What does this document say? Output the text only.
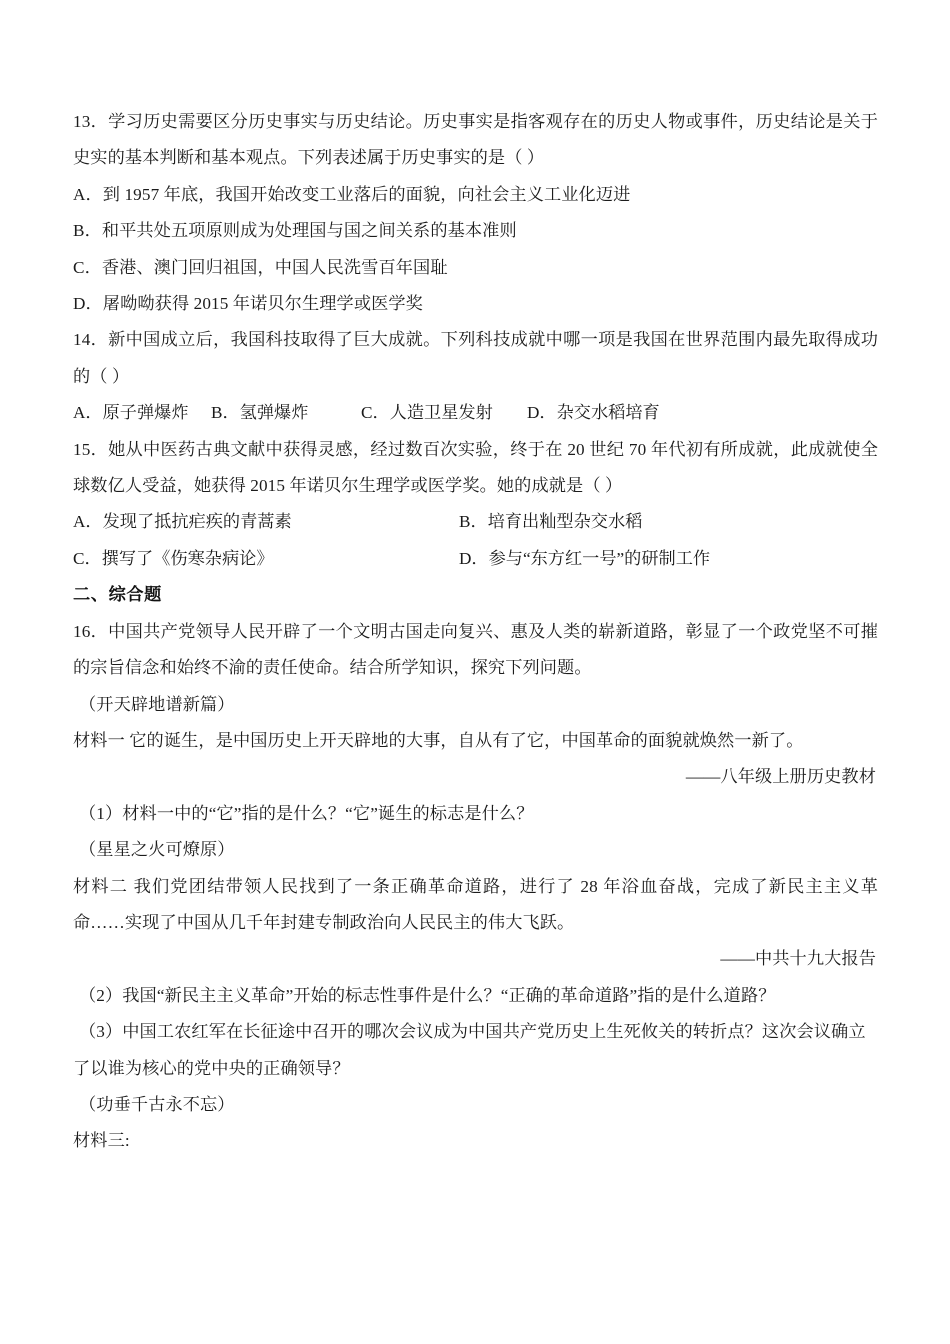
13．学习历史需要区分历史事实与历史结论。历史事实是指客观存在的历史人物或事件，历史结论是关于
史实的基本判断和基本观点。下列表述属于历史事实的是（ ）
A．到 1957 年底，我国开始改变工业落后的面貌，向社会主义工业化迈进
B．和平共处五项原则成为处理国与国之间关系的基本准则
C．香港、澳门回归祖国，中国人民洗雪百年国耻
D．屠呦呦获得 2015 年诺贝尔生理学或医学奖
14．新中国成立后，我国科技取得了巨大成就。下列科技成就中哪一项是我国在世界范围内最先取得成功
的（ ）
A．原子弹爆炸	B．氢弹爆炸	C．人造卫星发射	D．杂交水稻培育
15．她从中医药古典文献中获得灵感，经过数百次实验，终于在 20 世纪 70 年代初有所成就，此成就使全
球数亿人受益，她获得 2015 年诺贝尔生理学或医学奖。她的成就是（ ）
A．发现了抵抗疟疾的青蒿素	B．培育出籼型杂交水稻
C．撰写了《伤寒杂病论》	D．参与“东方红一号”的研制工作
二、综合题
16．中国共产党领导人民开辟了一个文明古国走向复兴、惠及人类的崭新道路，彰显了一个政党坚不可摧
的宗旨信念和始终不渝的责任使命。结合所学知识，探究下列问题。
（开天辟地谱新篇）
材料一 它的诞生，是中国历史上开天辟地的大事，自从有了它，中国革命的面貌就焕然一新了。
——八年级上册历史教材
（1）材料一中的“它”指的是什么？“它”诞生的标志是什么？
（星星之火可燎原）
材料二 我们党团结带领人民找到了一条正确革命道路，进行了 28 年浴血奋战，完成了新民主主义革
命……实现了中国从几千年封建专制政治向人民民主的伟大飞跃。
——中共十九大报告
（2）我国“新民主主义革命”开始的标志性事件是什么？“正确的革命道路”指的是什么道路？
（3）中国工农红军在长征途中召开的哪次会议成为中国共产党历史上生死攸关的转折点？这次会议确立
了以谁为核心的党中央的正确领导？
（功垂千古永不忘）
材料三:
